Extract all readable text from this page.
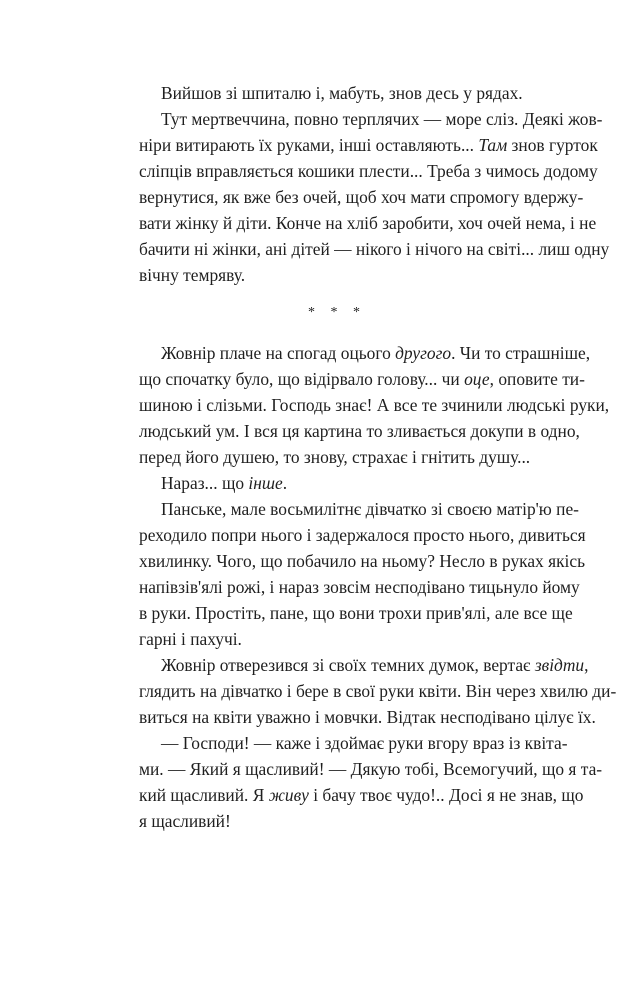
Вийшов зі шпиталю і, мабуть, знов десь у рядах.
Тут мертвеччина, повно терплячих — море сліз. Деякі жов-
ніри витирають їх руками, інші оставляють... Там знов гурток
сліпців вправляється кошики плести... Треба з чимось додому
вернутися, як вже без очей, щоб хоч мати спромогу вдержу-
вати жінку й діти. Конче на хліб заробити, хоч очей нема, і не
бачити ні жінки, ані дітей — нікого і нічого на світі... лиш одну
вічну темряву.
* * *
Жовнір плаче на спогад оцього другого. Чи то страшніше,
що спочатку було, що відірвало голову... чи оце, оповите ти-
шиною і слізьми. Господь знає! А все те зчинили людські руки,
людський ум. І вся ця картина то зливається докупи в одно,
перед його душею, то знову, страхає і гнітить душу...
Нараз... що інше.
Панське, мале восьмилітнє дівчатко зі своєю матір'ю пе-
реходило попри нього і задержалося просто нього, дивиться
хвилинку. Чого, що побачило на ньому? Несло в руках якісь
напівзів'ялі рожі, і нараз зовсім несподівано тицьнуло йому
в руки. Простіть, пане, що вони трохи прив'ялі, але все ще
гарні і пахучі.
Жовнір отверезився зі своїх темних думок, вертає звідти,
глядить на дівчатко і бере в свої руки квіти. Він через хвилю ди-
виться на квіти уважно і мовчки. Відтак несподівано цілує їх.
— Господи! — каже і здоймає руки вгору враз із квіта-
ми. — Який я щасливий! — Дякую тобі, Всемогучий, що я та-
кий щасливий. Я живу і бачу твоє чудо!.. Досі я не знав, що
я щасливий!
